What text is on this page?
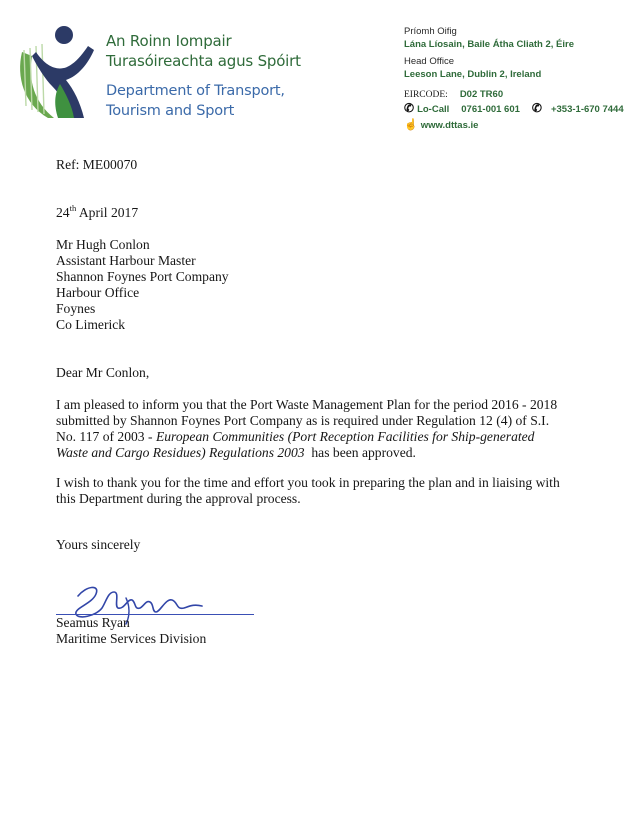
An Roinn Iompair
Turasóireachta agus Spóirt
Department of Transport,
Tourism and Sport
Príomh Oifig
Lána Líosain, Baile Átha Cliath 2, Éire
Head Office
Leeson Lane, Dublin 2, Ireland
EIRCODE: D02 TR60
✆ Lo-Call 0761-001 601 ✆ +353-1-670 7444
☝ www.dttas.ie
Ref: ME00070
24th April 2017
Mr Hugh Conlon
Assistant Harbour Master
Shannon Foynes Port Company
Harbour Office
Foynes
Co Limerick
Dear Mr Conlon,
I am pleased to inform you that the Port Waste Management Plan for the period 2016 - 2018
submitted by Shannon Foynes Port Company as is required under Regulation 12 (4) of S.I.
No. 117 of 2003 - European Communities (Port Reception Facilities for Ship-generated
Waste and Cargo Residues) Regulations 2003  has been approved.
I wish to thank you for the time and effort you took in preparing the plan and in liaising with
this Department during the approval process.
Yours sincerely
Seamus Ryan
Maritime Services Division
